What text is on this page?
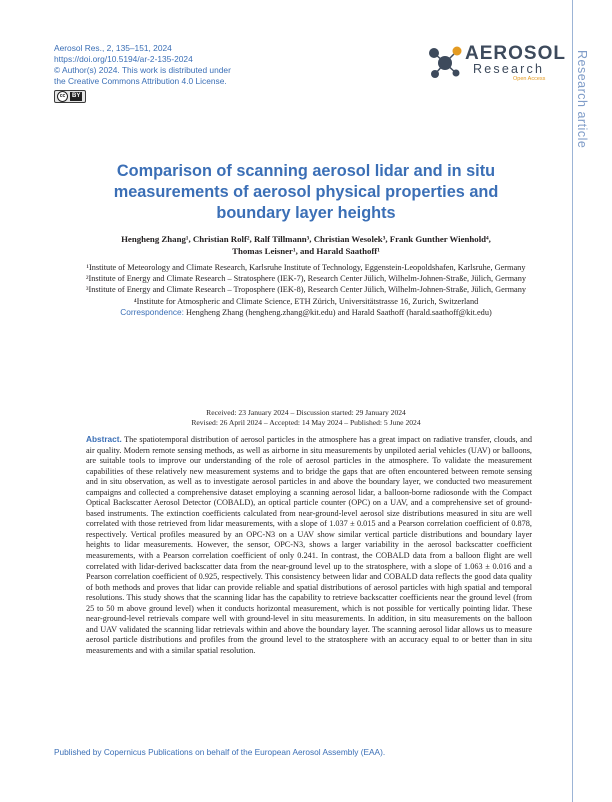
Aerosol Res., 2, 135–151, 2024
https://doi.org/10.5194/ar-2-135-2024
© Author(s) 2024. This work is distributed under
the Creative Commons Attribution 4.0 License.
cc	BY
AEROSOL
Research
Open Access Research article
Comparison of scanning aerosol lidar and in situ measurements of aerosol physical properties and boundary layer heights
Hengheng Zhang¹, Christian Rolf², Ralf Tillmann³, Christian Wesolek³, Frank Gunther Wienhold⁴,
Thomas Leisner¹, and Harald Saathoff¹

¹Institute of Meteorology and Climate Research, Karlsruhe Institute of Technology, Eggenstein-Leopoldshafen, Karlsruhe, Germany

²Institute of Energy and Climate Research – Stratosphere (IEK-7), Research Center Jülich, Wilhelm-Johnen-Straße, Jülich, Germany

³Institute of Energy and Climate Research – Troposphere (IEK-8), Research Center Jülich, Wilhelm-Johnen-Straße, Jülich, Germany

⁴Institute for Atmospheric and Climate Science, ETH Zürich, Universitätstrasse 16, Zurich, Switzerland

Correspondence: Hengheng Zhang (hengheng.zhang@kit.edu) and Harald Saathoff (harald.saathoff@kit.edu)

Received: 23 January 2024 – Discussion started: 29 January 2024
Revised: 26 April 2024 – Accepted: 14 May 2024 – Published: 5 June 2024
Abstract. The spatiotemporal distribution of aerosol particles in the atmosphere has a great impact on radiative transfer, clouds, and air quality. Modern remote sensing methods, as well as airborne in situ measurements by unpiloted aerial vehicles (UAV) or balloons, are suitable tools to improve our understanding of the role of aerosol particles in the atmosphere. To validate the measurement capabilities of these relatively new measurement systems and to bridge the gaps that are often encountered between remote sensing and in situ observation, as well as to investigate aerosol particles in and above the boundary layer, we conducted two measurement campaigns and collected a comprehensive dataset employing a scanning aerosol lidar, a balloon-borne radiosonde with the Compact Optical Backscatter Aerosol Detector (COBALD), an optical particle counter (OPC) on a UAV, and a comprehensive set of ground-based instruments. The extinction coefficients calculated from near-ground-level aerosol size distributions measured in situ are well correlated with those retrieved from lidar measurements, with a slope of 1.037 ± 0.015 and a Pearson correlation coefficient of 0.878, respectively. Vertical profiles measured by an OPC-N3 on a UAV show similar vertical particle distributions and boundary layer heights to lidar measurements. However, the sensor, OPC-N3, shows a larger variability in the aerosol backscatter coefficient measurements, with a Pearson correlation coefficient of only 0.241. In contrast, the COBALD data from a balloon flight are well correlated with lidar-derived backscatter data from the near-ground level up to the stratosphere, with a slope of 1.063 ± 0.016 and a Pearson correlation coefficient of 0.925, respectively. This consistency between lidar and COBALD data reflects the good data quality of both methods and proves that lidar can provide reliable and spatial distributions of aerosol particles with high spatial and temporal resolutions. This study shows that the scanning lidar has the capability to retrieve backscatter coefficients near the ground level (from 25 to 50 m above ground level) when it conducts horizontal measurement, which is not possible for vertically pointing lidar. These near-ground-level retrievals compare well with ground-level in situ measurements. In addition, in situ measurements on the balloon and UAV validated the scanning lidar retrievals within and above the boundary layer. The scanning aerosol lidar allows us to measure aerosol particle distributions and profiles from the ground level to the stratosphere with an accuracy equal to or better than in situ measurements and with a similar spatial resolution.
Published by Copernicus Publications on behalf of the European Aerosol Assembly (EAA).
